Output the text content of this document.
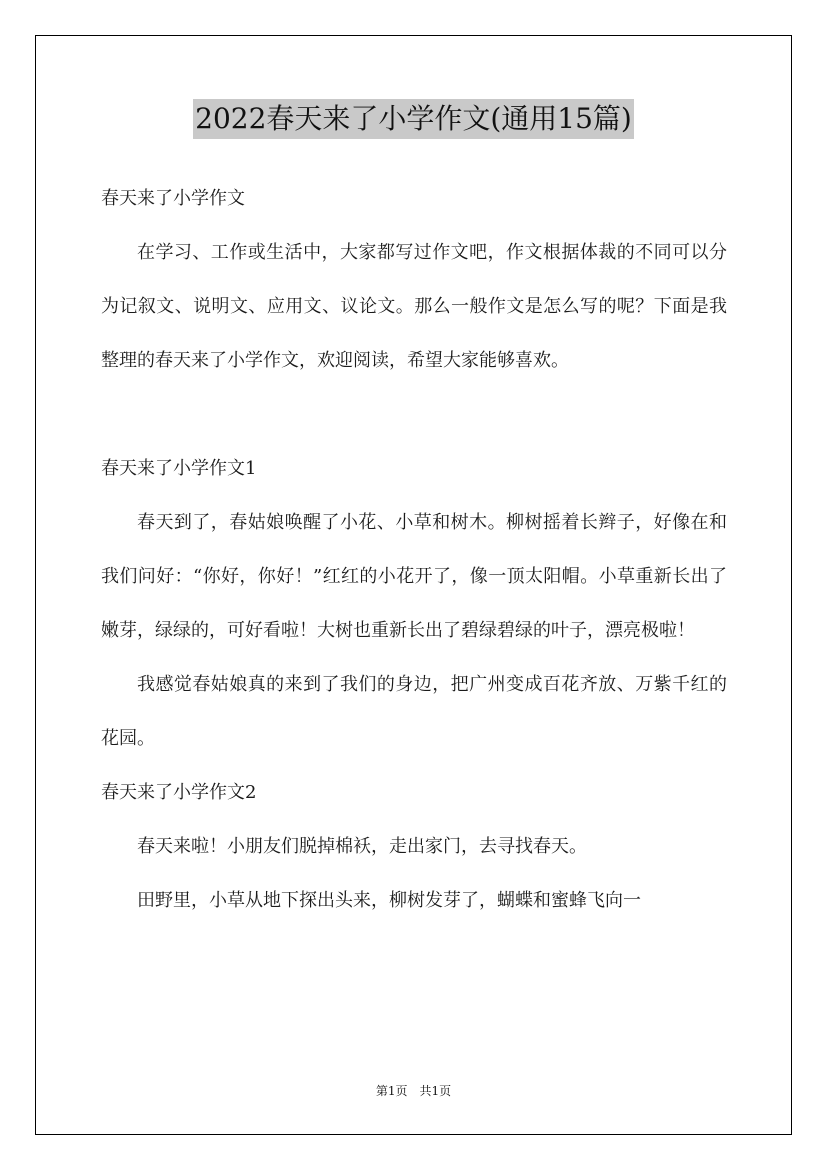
2022春天来了小学作文(通用15篇)
春天来了小学作文

在学习、工作或生活中，大家都写过作文吧，作文根据体裁的不同可以分为记叙文、说明文、应用文、议论文。那么一般作文是怎么写的呢？下面是我整理的春天来了小学作文，欢迎阅读，希望大家能够喜欢。

春天来了小学作文1

春天到了，春姑娘唤醒了小花、小草和树木。柳树摇着长辫子，好像在和我们问好：“你好，你好！”红红的小花开了，像一顶太阳帽。小草重新长出了嫩芽，绿绿的，可好看啦！大树也重新长出了碧绿碧绿的叶子，漂亮极啦！

我感觉春姑娘真的来到了我们的身边，把广州变成百花齐放、万紫千红的花园。

春天来了小学作文2

春天来啦！小朋友们脱掉棉袄，走出家门，去寻找春天。

田野里，小草从地下探出头来，柳树发芽了，蝴蝶和蜜蜂飞向一

第1页 共1页
